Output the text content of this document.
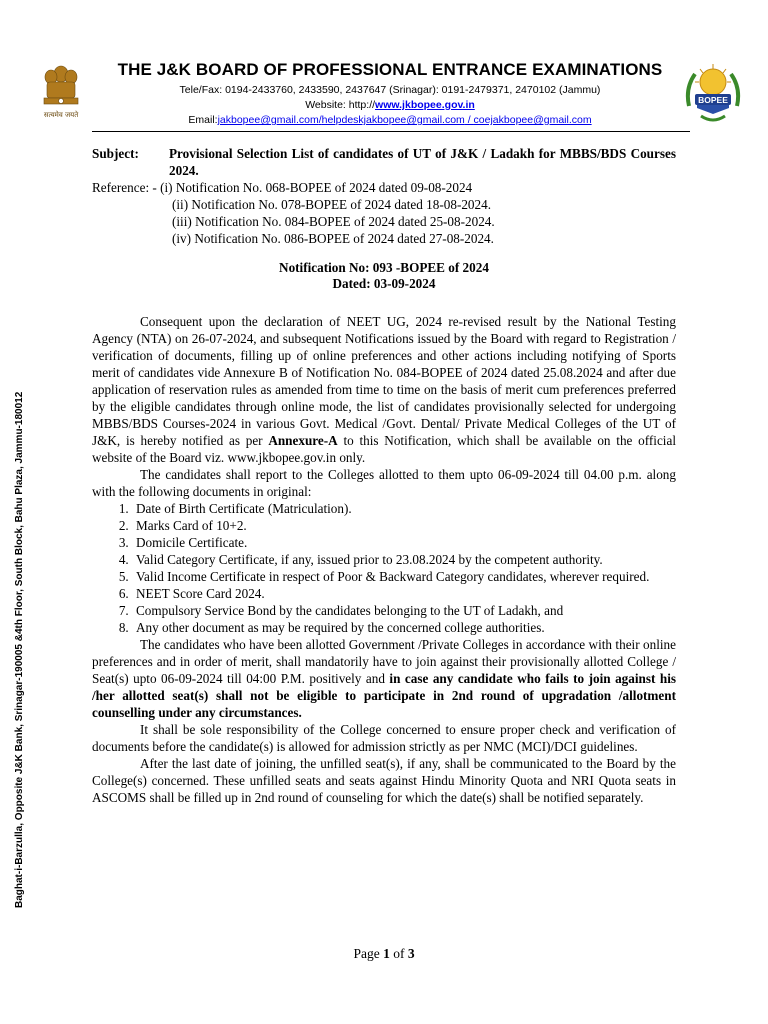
सत्यमेव जयते
BOPEE
THE J&K BOARD OF PROFESSIONAL ENTRANCE EXAMINATIONS
Tele/Fax: 0194-2433760, 2433590, 2437647 (Srinagar): 0191-2479371, 2470102 (Jammu)
Website: http://www.jkbopee.gov.in
Email:jakbopee@gmail.com/helpdeskjakbopee@gmail.com / coejakbopee@gmail.com
Baghat-i-Barzulla, Opposite J&K Bank, Srinagar-190005 &4th Floor, South Block, Bahu Plaza, Jammu-180012
Subject:	Provisional Selection List of candidates of UT of J&K / Ladakh for MBBS/BDS Courses 2024.
Reference: -
(i) Notification No. 068-BOPEE of 2024 dated 09-08-2024
(ii) Notification No. 078-BOPEE of 2024 dated 18-08-2024.
(iii) Notification No. 084-BOPEE of 2024 dated 25-08-2024.
(iv) Notification No. 086-BOPEE of 2024 dated 27-08-2024.
Notification No: 093 -BOPEE of 2024
Dated: 03-09-2024

Consequent upon the declaration of NEET UG, 2024 re-revised result by the National Testing Agency (NTA) on 26-07-2024, and subsequent Notifications issued by the Board with regard to Registration / verification of documents, filling up of online preferences and other actions including notifying of Sports merit of candidates vide Annexure B of Notification No. 084-BOPEE of 2024 dated 25.08.2024 and after due application of reservation rules as amended from time to time on the basis of merit cum preferences preferred by the eligible candidates through online mode, the list of candidates provisionally selected for undergoing MBBS/BDS Courses-2024 in various Govt. Medical /Govt. Dental/ Private Medical Colleges of the UT of J&K, is hereby notified as per Annexure-A to this Notification, which shall be available on the official website of the Board viz. www.jkbopee.gov.in only.

The candidates shall report to the Colleges allotted to them upto 06-09-2024 till 04.00 p.m. along with the following documents in original:

1. Date of Birth Certificate (Matriculation).
2. Marks Card of 10+2.
3. Domicile Certificate.
4. Valid Category Certificate, if any, issued prior to 23.08.2024 by the competent authority.
5. Valid Income Certificate in respect of Poor & Backward Category candidates, wherever required.
6. NEET Score Card 2024.
7. Compulsory Service Bond by the candidates belonging to the UT of Ladakh, and
8. Any other document as may be required by the concerned college authorities.

The candidates who have been allotted Government /Private Colleges in accordance with their online preferences and in order of merit, shall mandatorily have to join against their provisionally allotted College / Seat(s) upto 06-09-2024 till 04:00 P.M. positively and in case any candidate who fails to join against his /her allotted seat(s) shall not be eligible to participate in 2nd round of upgradation /allotment counselling under any circumstances.

It shall be sole responsibility of the College concerned to ensure proper check and verification of documents before the candidate(s) is allowed for admission strictly as per NMC (MCI)/DCI guidelines.

After the last date of joining, the unfilled seat(s), if any, shall be communicated to the Board by the College(s) concerned. These unfilled seats and seats against Hindu Minority Quota and NRI Quota seats in ASCOMS shall be filled up in 2nd round of counseling for which the date(s) shall be notified separately.

Page 1 of 3
